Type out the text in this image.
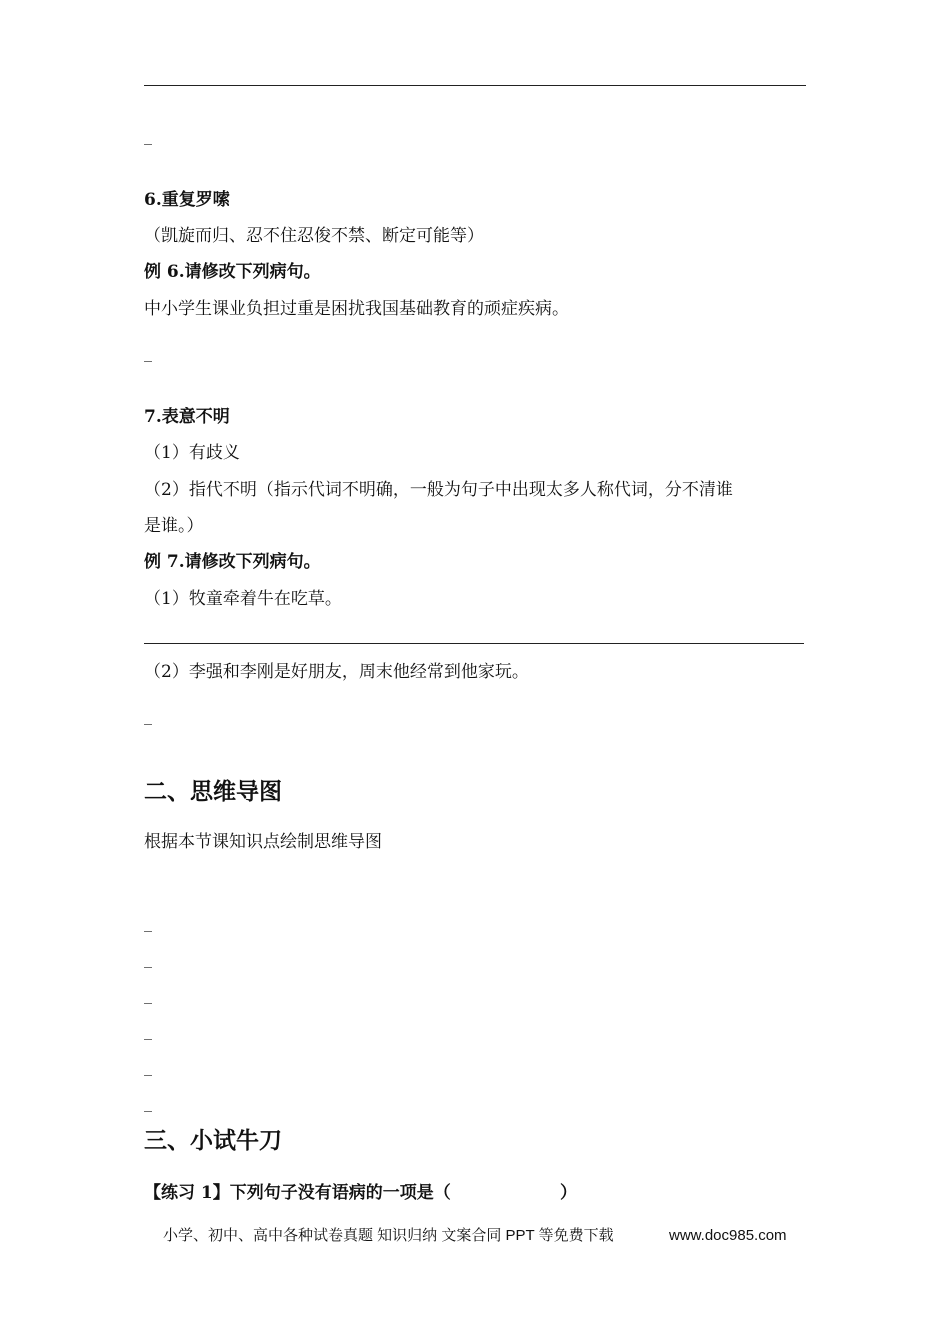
_
6.重复罗嗦
（凯旋而归、忍不住忍俊不禁、断定可能等）
例 6.请修改下列病句。
中小学生课业负担过重是困扰我国基础教育的顽症疾病。
_
7.表意不明
（1）有歧义
（2）指代不明（指示代词不明确，一般为句子中出现太多人称代词，分不清谁
是谁。）
例 7.请修改下列病句。
（1）牧童牵着牛在吃草。
（2）李强和李刚是好朋友，周末他经常到他家玩。
_
二、思维导图
根据本节课知识点绘制思维导图
_
_
_
_
_
_
三、小试牛刀
【练习 1】下列句子没有语病的一项是（	）
小学、初中、高中各种试卷真题 知识归纳 文案合同 PPT 等免费下载	www.doc985.com
